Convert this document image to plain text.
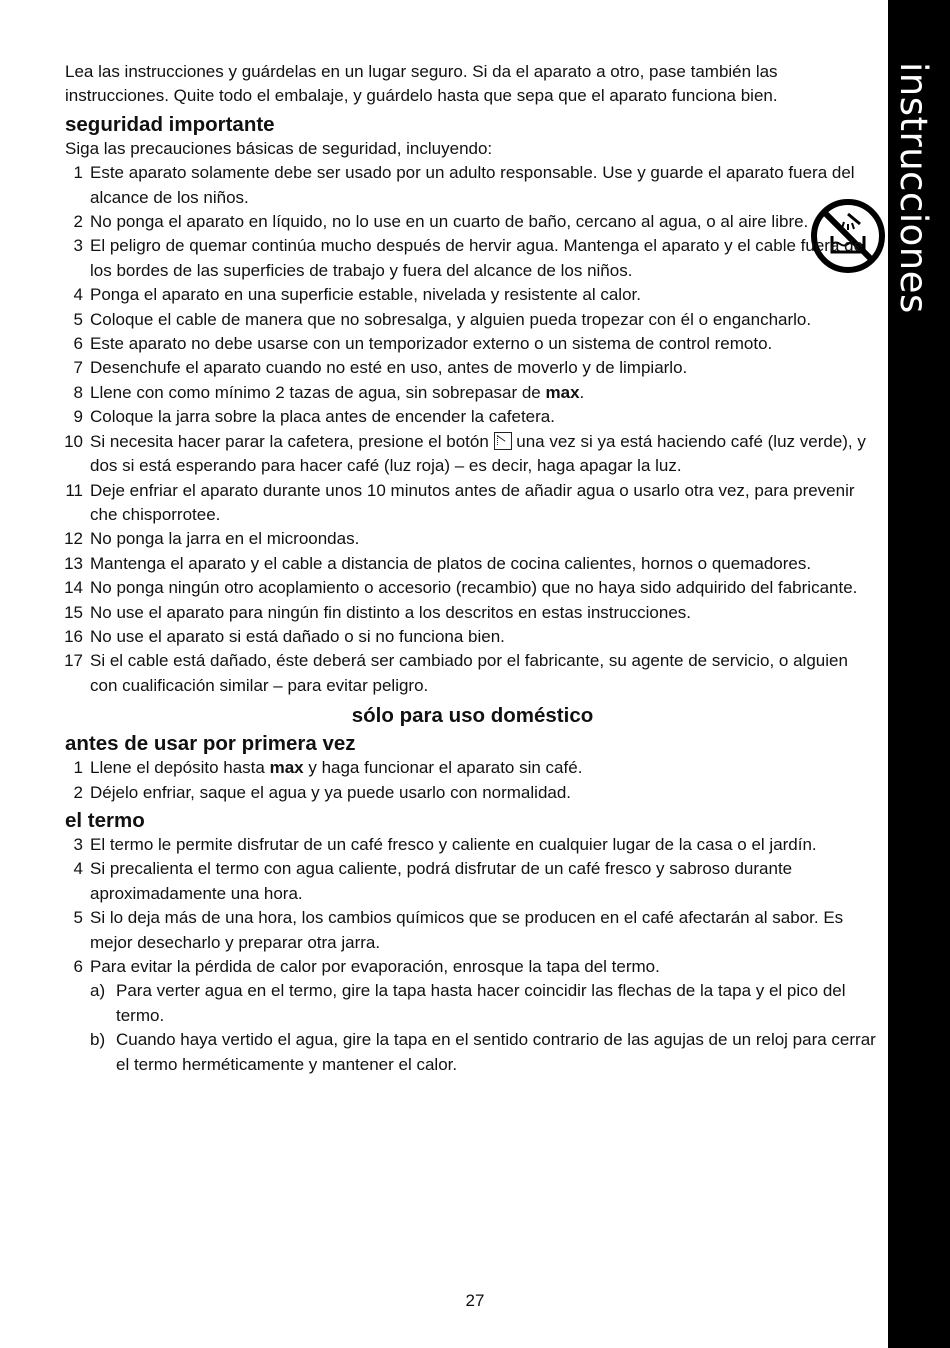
instrucciones

Lea las instrucciones y guárdelas en un lugar seguro. Si da el aparato a otro, pase también las instrucciones. Quite todo el embalaje, y guárdelo hasta que sepa que el aparato funciona bien.

seguridad importante

Siga las precauciones básicas de seguridad, incluyendo:

1 Este aparato solamente debe ser usado por un adulto responsable. Use y guarde el aparato fuera del alcance de los niños.
2 No ponga el aparato en líquido, no lo use en un cuarto de baño, cercano al agua, o al aire libre.
3 El peligro de quemar continúa mucho después de hervir agua. Mantenga el aparato y el cable fuera de los bordes de las superficies de trabajo y fuera del alcance de los niños.
4 Ponga el aparato en una superficie estable, nivelada y resistente al calor.
5 Coloque el cable de manera que no sobresalga, y alguien pueda tropezar con él o engancharlo.
6 Este aparato no debe usarse con un temporizador externo o un sistema de control remoto.
7 Desenchufe el aparato cuando no esté en uso, antes de moverlo y de limpiarlo.
8 Llene con como mínimo 2 tazas de agua, sin sobrepasar de max.
9 Coloque la jarra sobre la placa antes de encender la cafetera.
10 Si necesita hacer parar la cafetera, presione el botón  una vez si ya está haciendo café (luz verde), y dos si está esperando para hacer café (luz roja) – es decir, haga apagar la luz.
11 Deje enfriar el aparato durante unos 10 minutos antes de añadir agua o usarlo otra vez, para prevenir che chisporrotee.
12 No ponga la jarra en el microondas.
13 Mantenga el aparato y el cable a distancia de platos de cocina calientes, hornos o quemadores.
14 No ponga ningún otro acoplamiento o accesorio (recambio) que no haya sido adquirido del fabricante.
15 No use el aparato para ningún fin distinto a los descritos en estas instrucciones.
16 No use el aparato si está dañado o si no funciona bien.
17 Si el cable está dañado, éste deberá ser cambiado por el fabricante, su agente de servicio, o alguien con cualificación similar – para evitar peligro.
sólo para uso doméstico
antes de usar por primera vez
1 Llene el depósito hasta max y haga funcionar el aparato sin café.
2 Déjelo enfriar, saque el agua y ya puede usarlo con normalidad.
el termo
3 El termo le permite disfrutar de un café fresco y caliente en cualquier lugar de la casa o el jardín.
4 Si precalienta el termo con agua caliente, podrá disfrutar de un café fresco y sabroso durante aproximadamente una hora.
5 Si lo deja más de una hora, los cambios químicos que se producen en el café afectarán al sabor. Es mejor desecharlo y preparar otra jarra.
6 Para evitar la pérdida de calor por evaporación, enrosque la tapa del termo.
a) Para verter agua en el termo, gire la tapa hasta hacer coincidir las flechas de la tapa y el pico del termo.
b) Cuando haya vertido el agua, gire la tapa en el sentido contrario de las agujas de un reloj para cerrar el termo herméticamente y mantener el calor.
27
